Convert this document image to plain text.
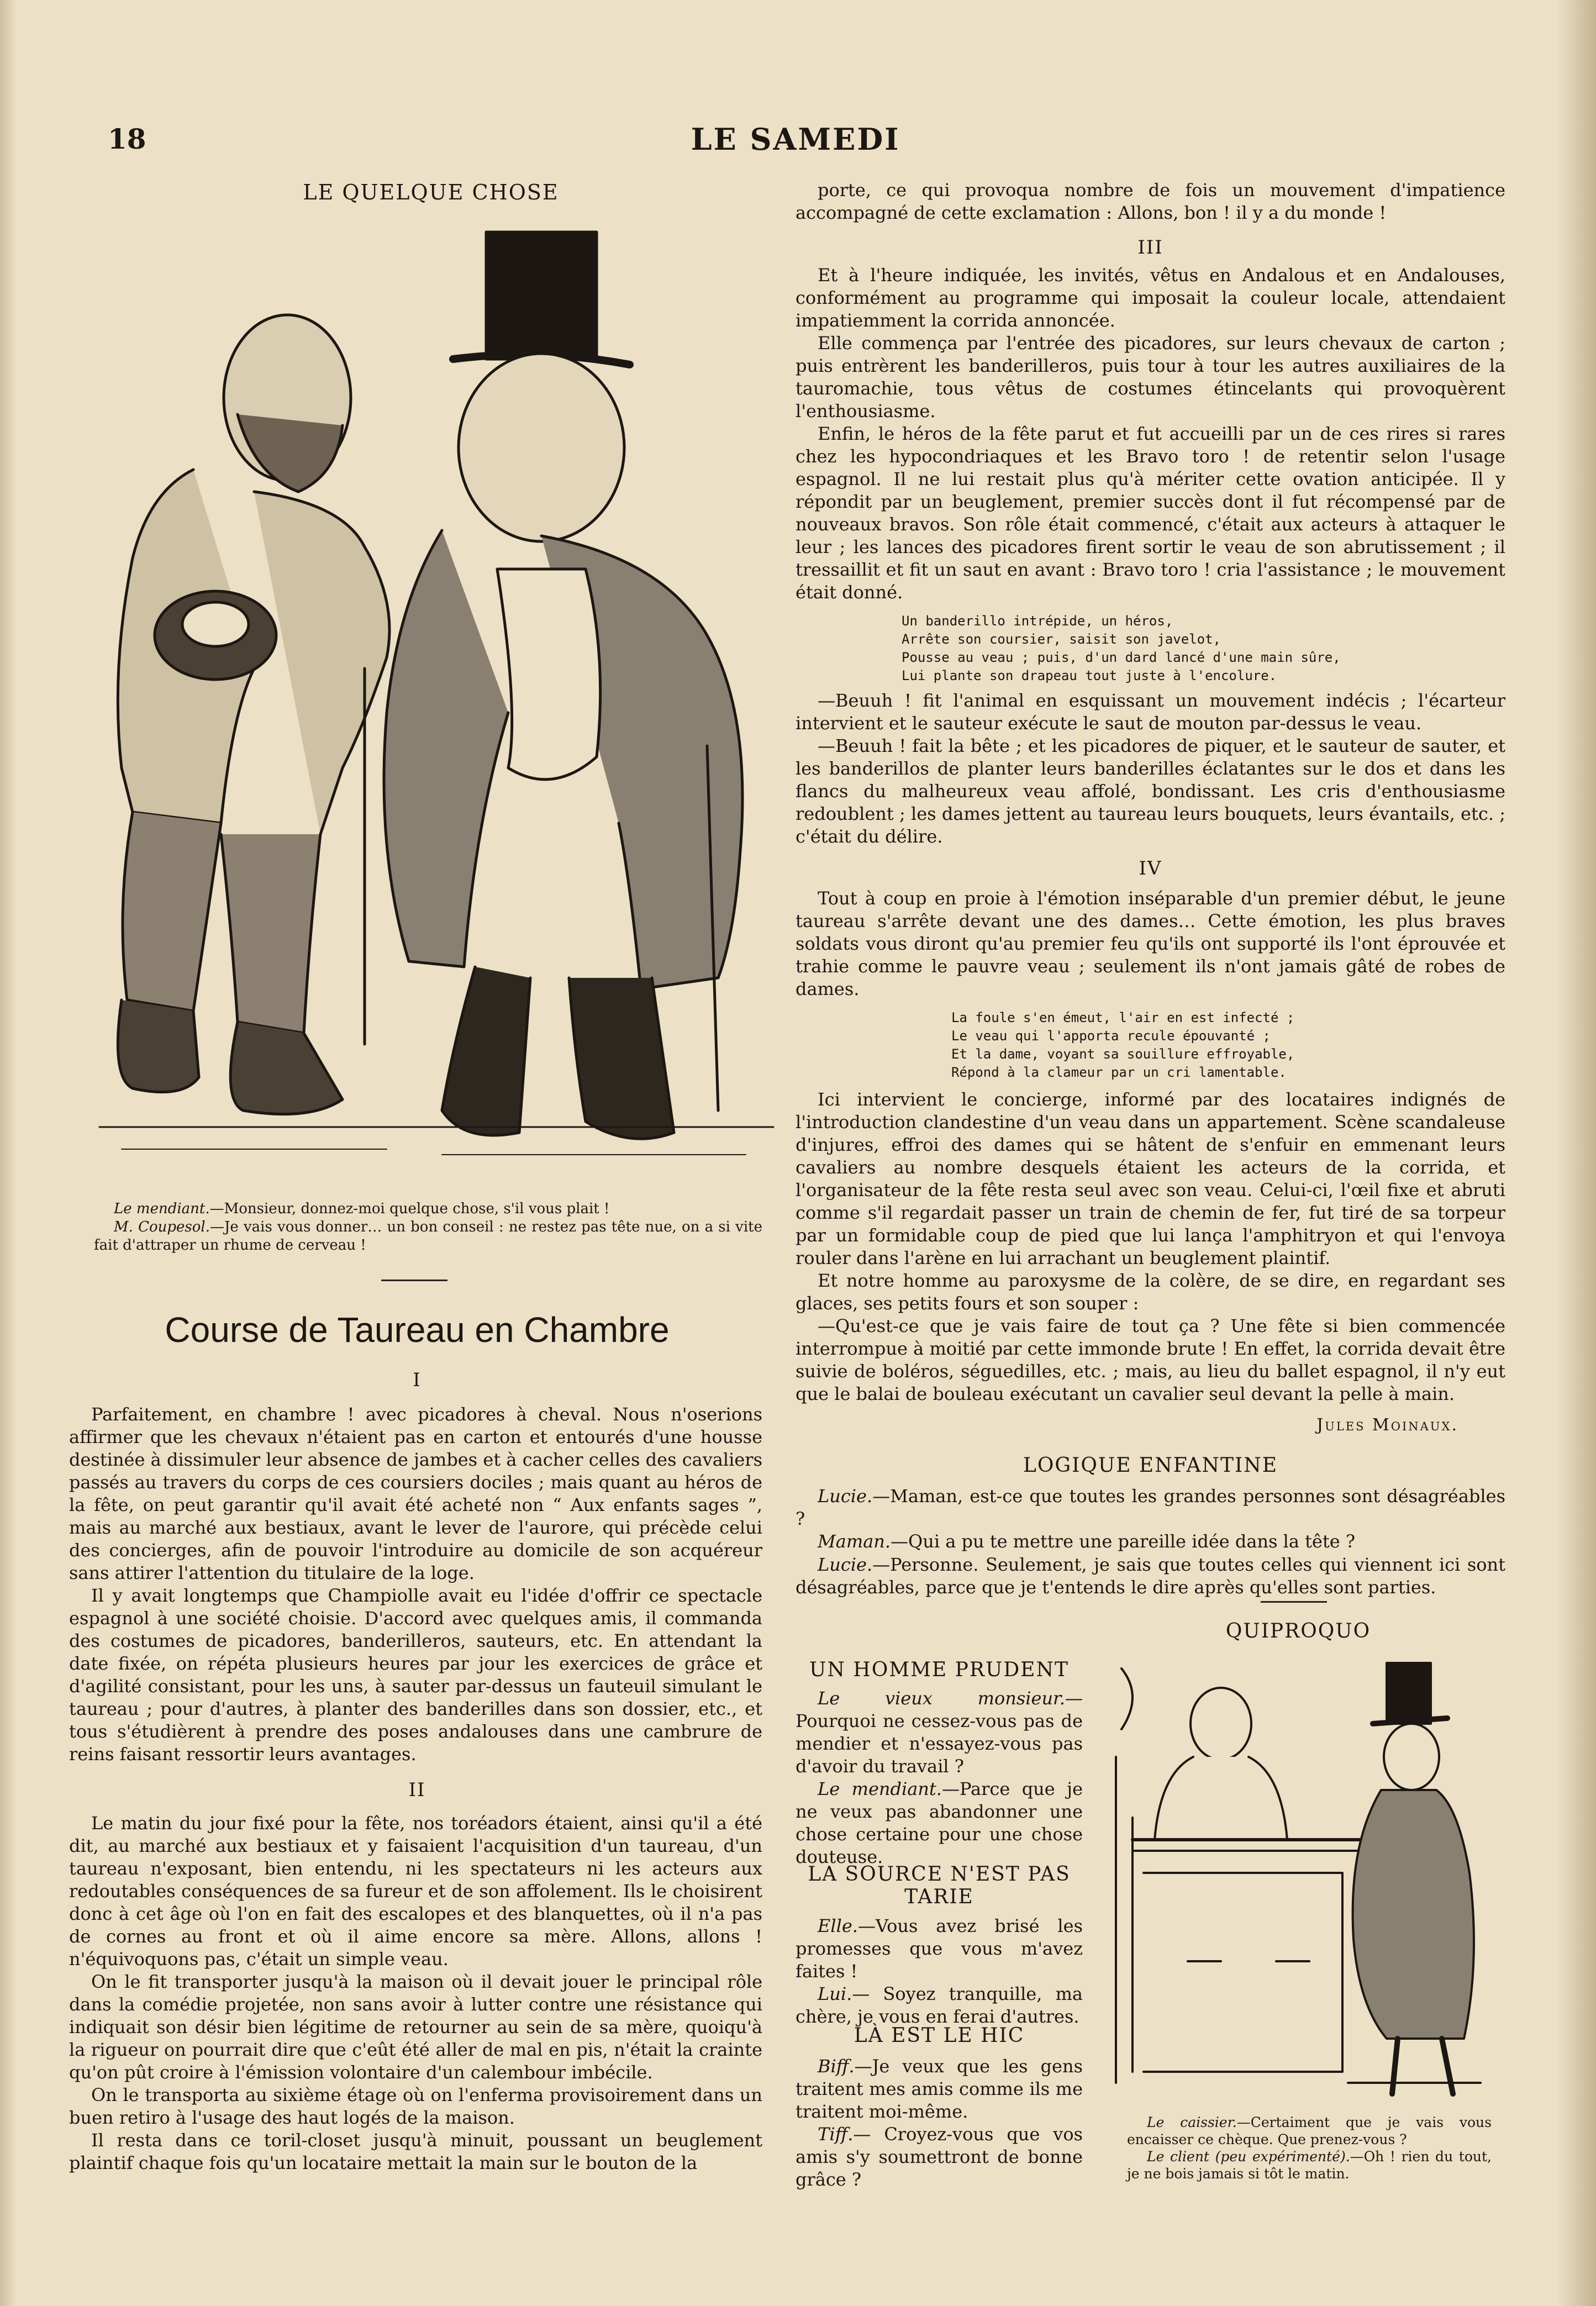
18	LE SAMEDI
LE QUELQUE CHOSE

Le mendiant.—Monsieur, donnez-moi quelque chose, s'il vous plait !

M. Coupesol.—Je vais vous donner… un bon conseil : ne restez pas tête nue, on a si vite fait d'attraper un rhume de cerveau !

Course de Taureau en Chambre
I

Parfaitement, en chambre ! avec picadores à cheval. Nous n'oserions affirmer que les chevaux n'étaient pas en carton et entourés d'une housse destinée à dissimuler leur absence de jambes et à cacher celles des cavaliers passés au travers du corps de ces coursiers dociles ; mais quant au héros de la fête, on peut garantir qu'il avait été acheté non “ Aux enfants sages ”, mais au marché aux bestiaux, avant le lever de l'aurore, qui précède celui des concierges, afin de pouvoir l'introduire au domicile de son acquéreur sans attirer l'attention du titulaire de la loge.

Il y avait longtemps que Champiolle avait eu l'idée d'offrir ce spectacle espagnol à une société choisie. D'accord avec quelques amis, il commanda des costumes de picadores, banderilleros, sauteurs, etc. En attendant la date fixée, on répéta plusieurs heures par jour les exercices de grâce et d'agilité consistant, pour les uns, à sauter par-dessus un fauteuil simulant le taureau ; pour d'autres, à planter des banderilles dans son dossier, etc., et tous s'étudièrent à prendre des poses andalouses dans une cambrure de reins faisant ressortir leurs avantages.

II

Le matin du jour fixé pour la fête, nos toréadors étaient, ainsi qu'il a été dit, au marché aux bestiaux et y faisaient l'acquisition d'un taureau, d'un taureau n'exposant, bien entendu, ni les spectateurs ni les acteurs aux redoutables conséquences de sa fureur et de son affolement. Ils le choisirent donc à cet âge où l'on en fait des escalopes et des blanquettes, où il n'a pas de cornes au front et où il aime encore sa mère. Allons, allons ! n'équivoquons pas, c'était un simple veau.

On le fit transporter jusqu'à la maison où il devait jouer le principal rôle dans la comédie projetée, non sans avoir à lutter contre une résistance qui indiquait son désir bien légitime de retourner au sein de sa mère, quoiqu'à la rigueur on pourrait dire que c'eût été aller de mal en pis, n'était la crainte qu'on pût croire à l'émission volontaire d'un calembour imbécile.

On le transporta au sixième étage où on l'enferma provisoirement dans un buen retiro à l'usage des haut logés de la maison.

Il resta dans ce toril-closet jusqu'à minuit, poussant un beuglement plaintif chaque fois qu'un locataire mettait la main sur le bouton de la

porte, ce qui provoqua nombre de fois un mouvement d'impatience accompagné de cette exclamation : Allons, bon ! il y a du monde !

III

Et à l'heure indiquée, les invités, vêtus en Andalous et en Andalouses, conformément au programme qui imposait la couleur locale, attendaient impatiemment la corrida annoncée.

Elle commença par l'entrée des picadores, sur leurs chevaux de carton ; puis entrèrent les banderilleros, puis tour à tour les autres auxiliaires de la tauromachie, tous vêtus de costumes étincelants qui provoquèrent l'enthousiasme.

Enfin, le héros de la fête parut et fut accueilli par un de ces rires si rares chez les hypocondriaques et les Bravo toro ! de retentir selon l'usage espagnol. Il ne lui restait plus qu'à mériter cette ovation anticipée. Il y répondit par un beuglement, premier succès dont il fut récompensé par de nouveaux bravos. Son rôle était commencé, c'était aux acteurs à attaquer le leur ; les lances des picadores firent sortir le veau de son abrutissement ; il tressaillit et fit un saut en avant : Bravo toro ! cria l'assistance ; le mouvement était donné.

Un banderillo intrépide, un héros,
Arrête son coursier, saisit son javelot,
Pousse au veau ; puis, d'un dard lancé d'une main sûre,
Lui plante son drapeau tout juste à l'encolure.

—Beuuh ! fit l'animal en esquissant un mouvement indécis ; l'écarteur intervient et le sauteur exécute le saut de mouton par-dessus le veau.

—Beuuh ! fait la bête ; et les picadores de piquer, et le sauteur de sauter, et les banderillos de planter leurs banderilles éclatantes sur le dos et dans les flancs du malheureux veau affolé, bondissant. Les cris d'enthousiasme redoublent ; les dames jettent au taureau leurs bouquets, leurs évantails, etc. ; c'était du délire.

IV

Tout à coup en proie à l'émotion inséparable d'un premier début, le jeune taureau s'arrête devant une des dames… Cette émotion, les plus braves soldats vous diront qu'au premier feu qu'ils ont supporté ils l'ont éprouvée et trahie comme le pauvre veau ; seulement ils n'ont jamais gâté de robes de dames.

La foule s'en émeut, l'air en est infecté ;
Le veau qui l'apporta recule épouvanté ;
Et la dame, voyant sa souillure effroyable,
Répond à la clameur par un cri lamentable.

Ici intervient le concierge, informé par des locataires indignés de l'introduction clandestine d'un veau dans un appartement. Scène scandaleuse d'injures, effroi des dames qui se hâtent de s'enfuir en emmenant leurs cavaliers au nombre desquels étaient les acteurs de la corrida, et l'organisateur de la fête resta seul avec son veau. Celui-ci, l'œil fixe et abruti comme s'il regardait passer un train de chemin de fer, fut tiré de sa torpeur par un formidable coup de pied que lui lança l'amphitryon et qui l'envoya rouler dans l'arène en lui arrachant un beuglement plaintif.

Et notre homme au paroxysme de la colère, de se dire, en regardant ses glaces, ses petits fours et son souper :

—Qu'est-ce que je vais faire de tout ça ? Une fête si bien commencée interrompue à moitié par cette immonde brute ! En effet, la corrida devait être suivie de boléros, séguedilles, etc. ; mais, au lieu du ballet espagnol, il n'y eut que le balai de bouleau exécutant un cavalier seul devant la pelle à main.

Jules Moinaux.
LOGIQUE ENFANTINE

Lucie.—Maman, est-ce que toutes les grandes personnes sont désagréables ?

Maman.—Qui a pu te mettre une pareille idée dans la tête ?

Lucie.—Personne. Seulement, je sais que toutes celles qui viennent ici sont désagréables, parce que je t'entends le dire après qu'elles sont parties.

UN HOMME PRUDENT

Le vieux monsieur.—Pourquoi ne cessez-vous pas de mendier et n'essayez-vous pas d'avoir du travail ?

Le mendiant.—Parce que je ne veux pas abandonner une chose certaine pour une chose douteuse.

LA SOURCE N'EST PAS TARIE

Elle.—Vous avez brisé les promesses que vous m'avez faites !

Lui.— Soyez tranquille, ma chère, je vous en ferai d'autres.

LÀ EST LE HIC

Biff.—Je veux que les gens traitent mes amis comme ils me traitent moi-même.

Tiff.— Croyez-vous que vos amis s'y soumettront de bonne grâce ?

QUIPROQUO

Le caissier.—Certaiment que je vais vous encaisser ce chèque. Que prenez-vous ?

Le client (peu expérimenté).—Oh ! rien du tout, je ne bois jamais si tôt le matin.
